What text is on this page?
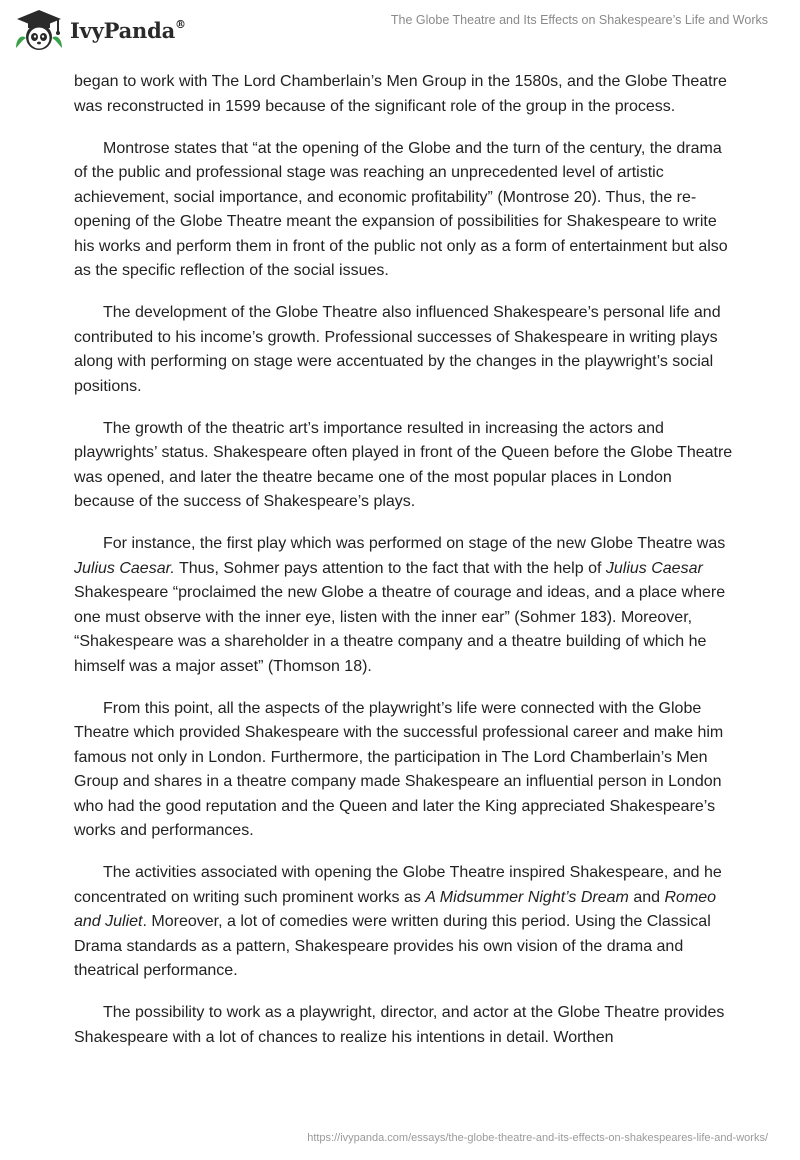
IvyPanda®	The Globe Theatre and Its Effects on Shakespeare’s Life and Works

began to work with The Lord Chamberlain’s Men Group in the 1580s, and the Globe Theatre was reconstructed in 1599 because of the significant role of the group in the process.

Montrose states that “at the opening of the Globe and the turn of the century, the drama of the public and professional stage was reaching an unprecedented level of artistic achievement, social importance, and economic profitability” (Montrose 20). Thus, the re-opening of the Globe Theatre meant the expansion of possibilities for Shakespeare to write his works and perform them in front of the public not only as a form of entertainment but also as the specific reflection of the social issues.

The development of the Globe Theatre also influenced Shakespeare’s personal life and contributed to his income’s growth. Professional successes of Shakespeare in writing plays along with performing on stage were accentuated by the changes in the playwright’s social positions.

The growth of the theatric art’s importance resulted in increasing the actors and playwrights’ status. Shakespeare often played in front of the Queen before the Globe Theatre was opened, and later the theatre became one of the most popular places in London because of the success of Shakespeare’s plays.

For instance, the first play which was performed on stage of the new Globe Theatre was Julius Caesar. Thus, Sohmer pays attention to the fact that with the help of Julius Caesar Shakespeare “proclaimed the new Globe a theatre of courage and ideas, and a place where one must observe with the inner eye, listen with the inner ear” (Sohmer 183). Moreover, “Shakespeare was a shareholder in a theatre company and a theatre building of which he himself was a major asset” (Thomson 18).

From this point, all the aspects of the playwright’s life were connected with the Globe Theatre which provided Shakespeare with the successful professional career and make him famous not only in London. Furthermore, the participation in The Lord Chamberlain’s Men Group and shares in a theatre company made Shakespeare an influential person in London who had the good reputation and the Queen and later the King appreciated Shakespeare’s works and performances.

The activities associated with opening the Globe Theatre inspired Shakespeare, and he concentrated on writing such prominent works as A Midsummer Night’s Dream and Romeo and Juliet. Moreover, a lot of comedies were written during this period. Using the Classical Drama standards as a pattern, Shakespeare provides his own vision of the drama and theatrical performance.

The possibility to work as a playwright, director, and actor at the Globe Theatre provides Shakespeare with a lot of chances to realize his intentions in detail. Worthen

https://ivypanda.com/essays/the-globe-theatre-and-its-effects-on-shakespeares-life-and-works/
